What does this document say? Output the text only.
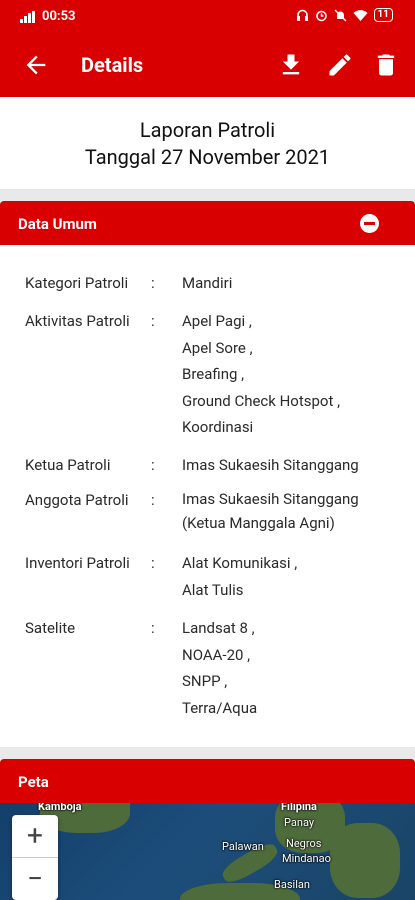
00:53	11
Details
Laporan Patroli
Tanggal 27 November 2021
Data Umum
Kategori Patroli : Mandiri
Aktivitas Patroli : Apel Pagi ,
Apel Sore ,
Breafing ,
Ground Check Hotspot ,
Koordinasi
Ketua Patroli	: Imas Sukaesih Sitanggang
Anggota Patroli : Imas Sukaesih Sitanggang
(Ketua Manggala Agni)
Inventori Patroli : Alat Komunikasi ,
Alat Tulis
Satelite	: Landsat 8 ,
NOAA-20 ,
SNPP ,
Terra/Aqua
Peta
Kamboja	Filipina
Panay
Palawan Negros
Mindanao
Basilan
+
−
